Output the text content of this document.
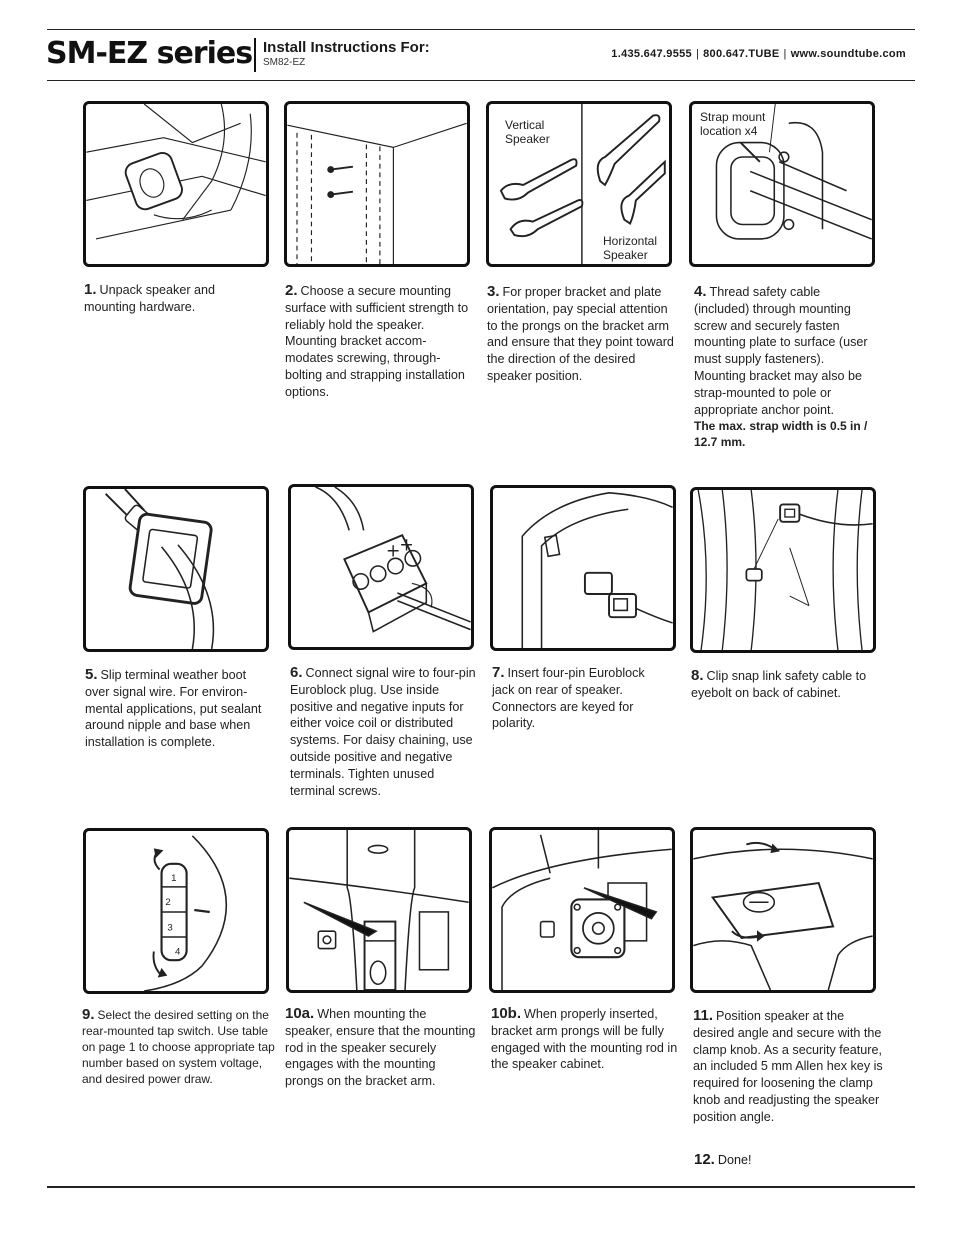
SM-EZ series Install Instructions For:
SM82-EZ
1.435.647.9555 | 800.647.TUBE | www.soundtube.com
Vertical
Speaker
Horizontal
Speaker
Strap mount
location x4
1. Unpack speaker and mounting hardware.
2. Choose a secure mounting surface with sufficient strength to reliably hold the speaker. Mounting bracket accom-modates screwing, through-bolting and strapping installation options.
3. For proper bracket and plate orientation, pay special attention to the prongs on the bracket arm and ensure that they point toward the direction of the desired speaker position.
4. Thread safety cable (included) through mounting screw and securely fasten mounting plate to surface (user must supply fasteners). Mounting bracket may also be strap-mounted to pole or appropriate anchor point.
The max. strap width is 0.5 in / 12.7 mm.
+
+
5. Slip terminal weather boot over signal wire. For environ-mental applications, put sealant around nipple and base when installation is complete.
6. Connect signal wire to four-pin Euroblock plug. Use inside positive and negative inputs for either voice coil or distributed systems. For daisy chaining, use outside positive and negative terminals. Tighten unused terminal screws.
7. Insert four-pin Euroblock jack on rear of speaker. Connectors are keyed for polarity.
8. Clip snap link safety cable to eyebolt on back of cabinet.
1
2
3
4
9. Select the desired setting on the rear-mounted tap switch. Use table on page 1 to choose appropriate tap number based on system voltage, and desired power draw.
10a. When mounting the speaker, ensure that the mounting rod in the speaker securely engages with the mounting prongs on the bracket arm.
10b. When properly inserted, bracket arm prongs will be fully engaged with the mounting rod in the speaker cabinet.
11. Position speaker at the desired angle and secure with the clamp knob. As a security feature, an included 5 mm Allen hex key is required for loosening the clamp knob and readjusting the speaker position angle.
12. Done!
